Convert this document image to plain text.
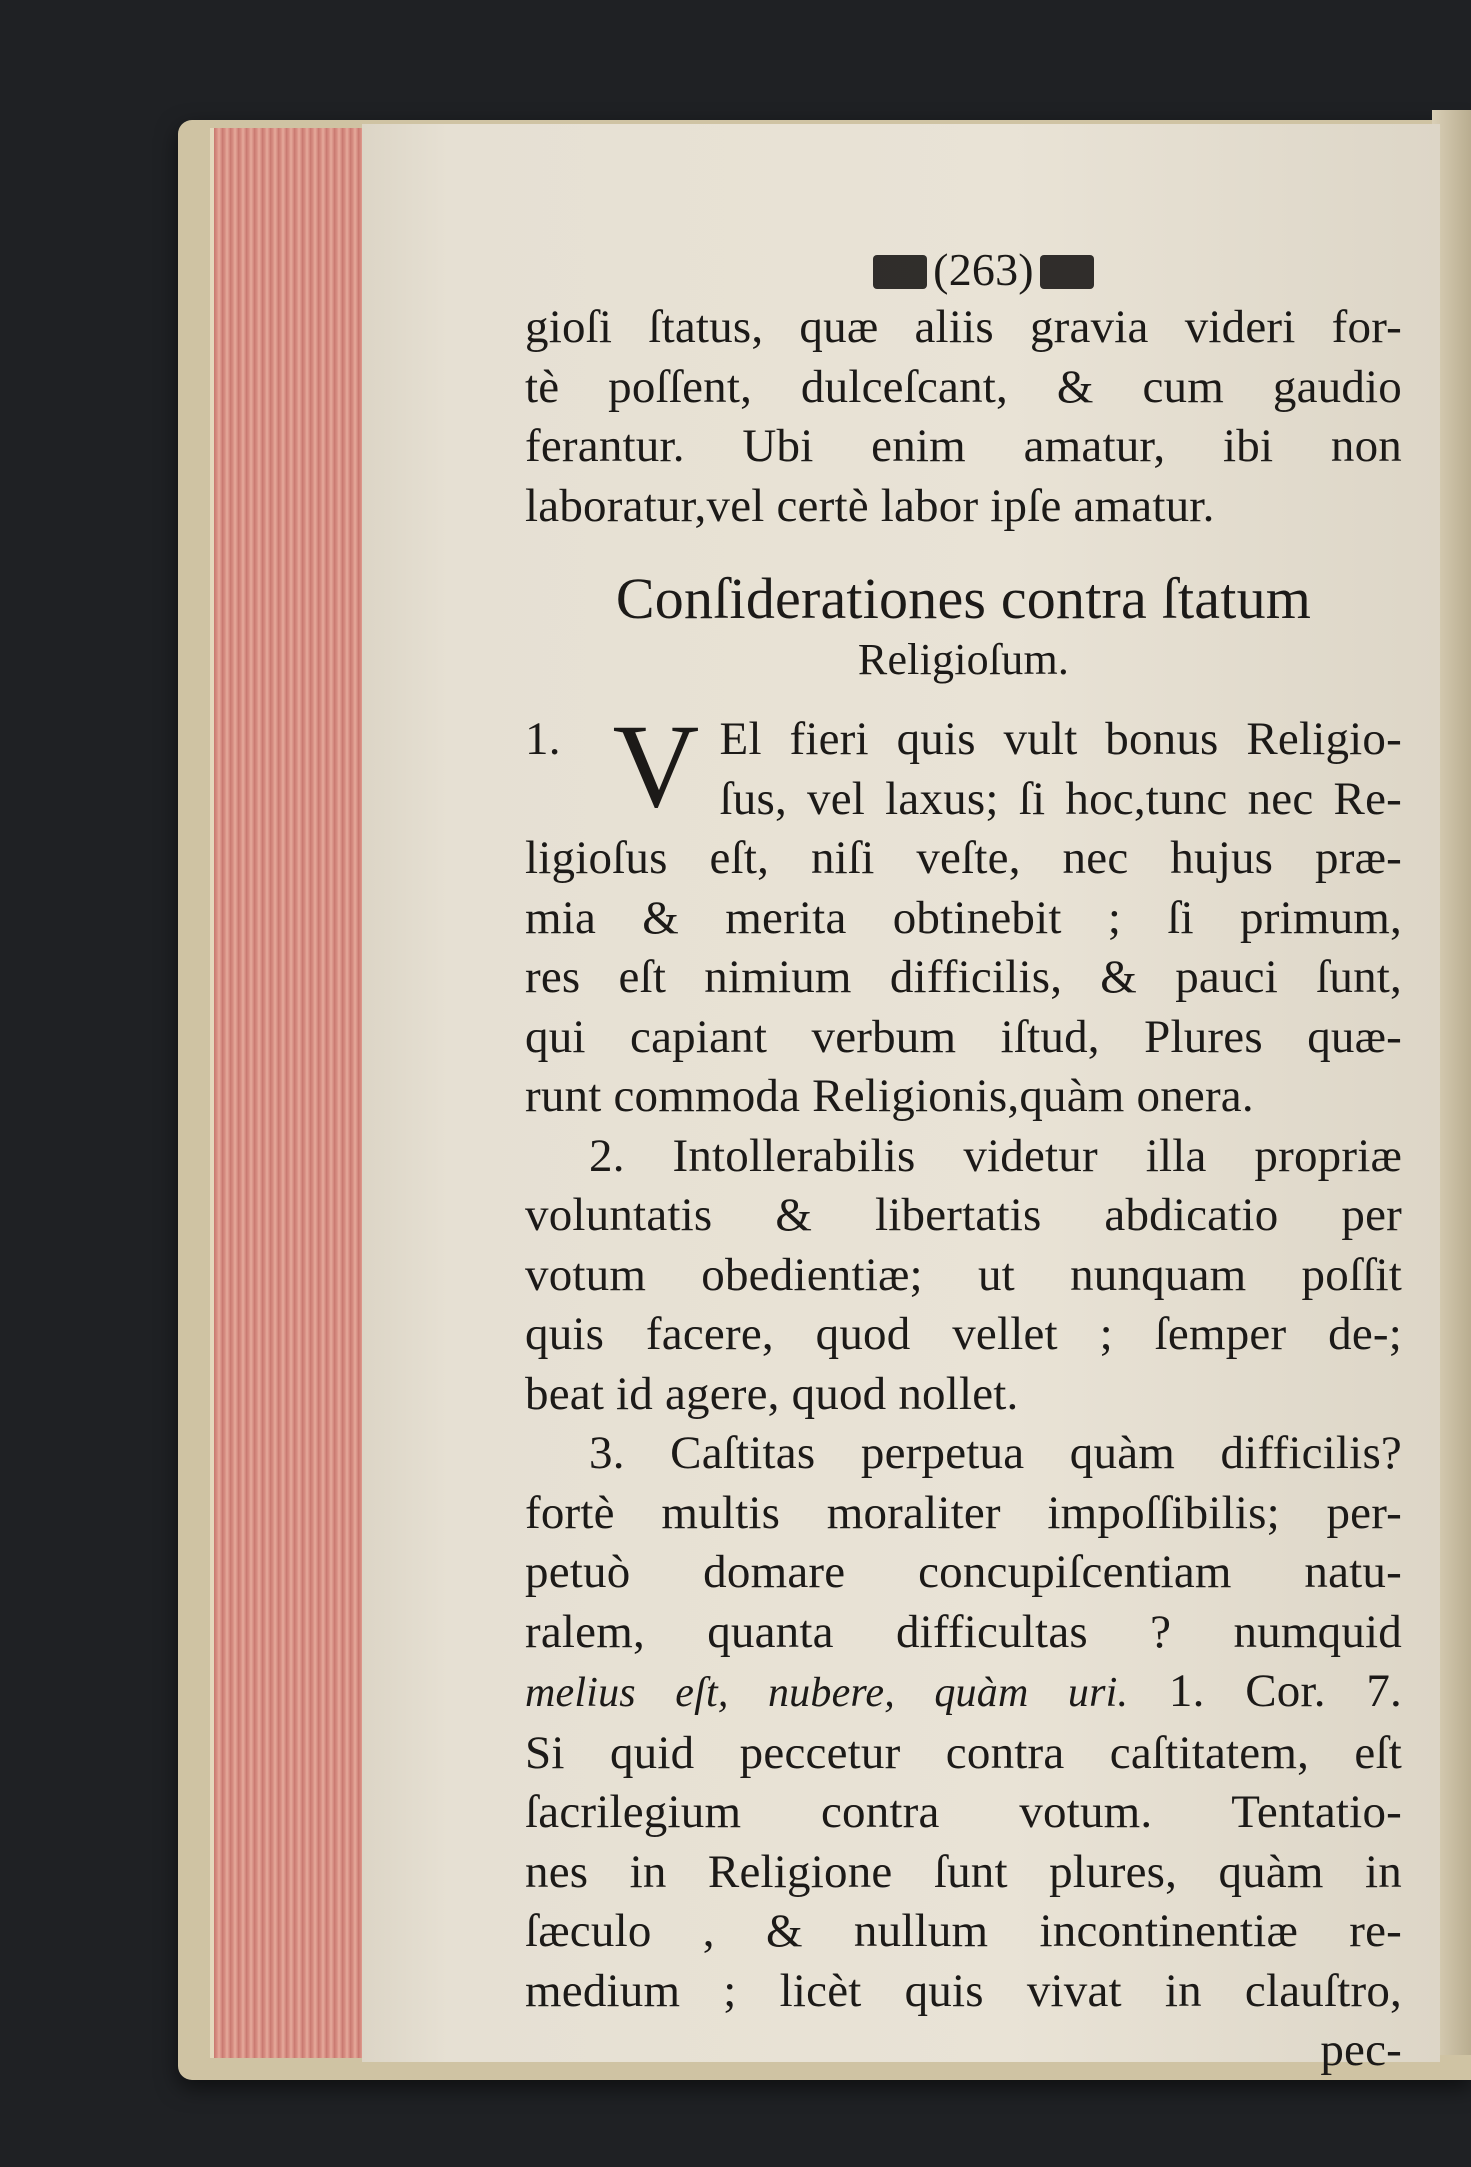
(263)
gioſi ſtatus, quæ aliis gravia videri for-
tè poſſent, dulceſcant, & cum gaudio
ferantur. Ubi enim amatur, ibi non
laboratur,vel certè labor ipſe amatur.
Conſiderationes contra ſtatum
Religioſum.
1. V El fieri quis vult bonus Religio-
ſus, vel laxus; ſi hoc,tunc nec Re-
ligioſus eſt, niſi veſte, nec hujus præ-
mia & merita obtinebit ; ſi primum,
res eſt nimium difficilis, & pauci ſunt,
qui capiant verbum iſtud, Plures quæ-
runt commoda Religionis,quàm onera.
2. Intollerabilis videtur illa propriæ
voluntatis & libertatis abdicatio per
votum obedientiæ; ut nunquam poſſit
quis facere, quod vellet ; ſemper de-;
beat id agere, quod nollet.
3. Caſtitas perpetua quàm difficilis?
fortè multis moraliter impoſſibilis; per-
petuò domare concupiſcentiam natu-
ralem, quanta difficultas ? numquid
melius eſt, nubere, quàm uri. 1. Cor. 7.
Si quid peccetur contra caſtitatem, eſt
ſacrilegium contra votum. Tentatio-
nes in Religione ſunt plures, quàm in
ſæculo , & nullum incontinentiæ re-
medium ; licèt quis vivat in clauſtro,
pec-
